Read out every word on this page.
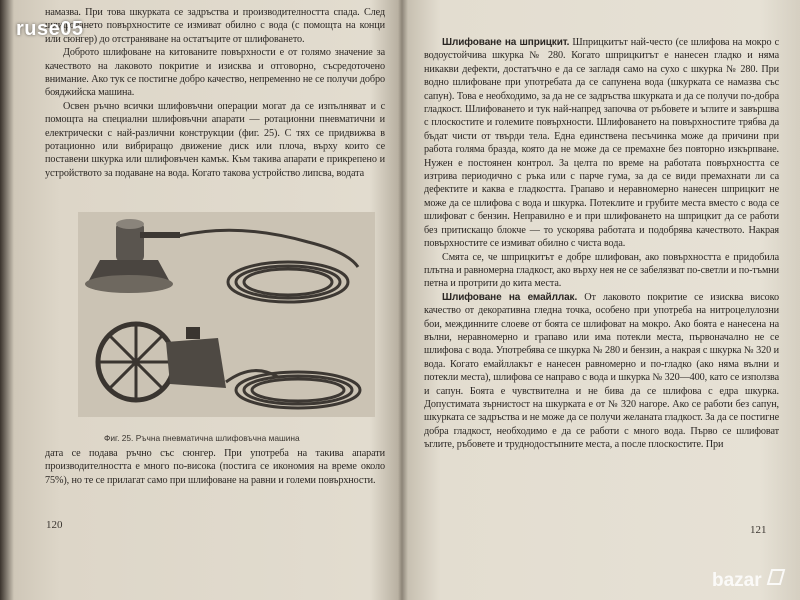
намазва. При това шкурката се задръства и производителността спада. След шлифоването повърхностите се измиват обилно с вода (с помощта на конци или сюнгер) до отстраняване на остатъците от шлифоването.

Доброто шлифоване на китованите повърхности е от голямо значение за качеството на лаковото покритие и изисква и отговорно, съсредоточено внимание. Ако тук се постигне добро качество, непременно не се получи добро бояджийска машина.

Освен ръчно всички шлифовъчни операции могат да се изпълняват и с помощта на специални шлифовъчни апарати — ротационни пневматични и електрически с най-различни конструкции (фиг. 25). С тях се придвижва в ротационно или вибриращо движение диск или плоча, върху които се поставени шкурка или шлифовъчен камък. Към такива апарати е прикрепено и устройството за подаване на вода. Когато такова устройство липсва, водата

Фиг. 25. Ръчна пневматична шлифовъчна машина

дата се подава ръчно със сюнгер. При употреба на такива апарати производителността е много по-висока (постига се икономия на време около 75%), но те се прилагат само при шлифоване на равни и големи повърхности.

120

Шлифоване на шприцкит. Шприцкитът най-често (се шлифова на мокро с водоустойчива шкурка № 280. Когато шприцкитът е нанесен гладко и няма никакви дефекти, достатъчно е да се загладя само на сухо с шкурка № 280. При водно шлифоване при употребата да се сапунена вода (шкурката се намазва със сапун). Това е необходимо, за да не се задръства шкурката и да се получи по-добра гладкост. Шлифоването и тук най-напред започва от ръбовете и ъглите и завършва с плоскостите и големите повърхности. Шлифоването на повърхностите трябва да бъдат чисти от твърди тела. Една единствена песъчинка може да причини при работа голяма бразда, която да не може да се премахне без повторно изкърпване. Нужен е постоянен контрол. За целта по време на работата повърхността се изтрива периодично с ръка или с парче гума, за да се види премахнати ли са дефектите и каква е гладкостта. Грапаво и неравномерно нанесен шприцкит не може да се шлифова с вода и шкурка. Потеклите и грубите места вместо с вода се шлифоват с бензин. Неправилно е и при шлифоването на шприцкит да се работи без притискащо блокче — то ускорява работата и подобрява качеството. Накрая повърхностите се измиват обилно с чиста вода.

Смята се, че шприцкитът е добре шлифован, ако повърхността е придобила плътна и равномерна гладкост, ако върху нея не се забелязват по-светли и по-тъмни петна и протрити до кита места.

Шлифоване на емайллак. От лаковото покритие се изисква високо качество от декоративна гледна точка, особено при употреба на нитроцелулозни бои, междинните слоеве от боята се шлифоват на мокро. Ако боята е нанесена на вълни, неравномерно и грапаво или има потекли места, първоначално не се шлифова с вода. Употребява се шкурка № 280 и бензин, а накрая с шкурка № 320 и вода. Когато емайллакът е нанесен равномерно и по-гладко (ако няма вълни и потекли места), шлифова се направо с вода и шкурка № 320—400, като се използва и сапун. Боята е чувствителна и не бива да се шлифова с едра шкурка. Допустимата зърнистост на шкурката е от № 320 нагоре. Ако се работи без сапун, шкурката се задръства и не може да се получи желаната гладкост. За да се постигне добра гладкост, необходимо е да се работи с много вода. Първо се шлифоват ъглите, ръбовете и труднодостъпните места, а после плоскостите. При

121
ruse05
bazar
